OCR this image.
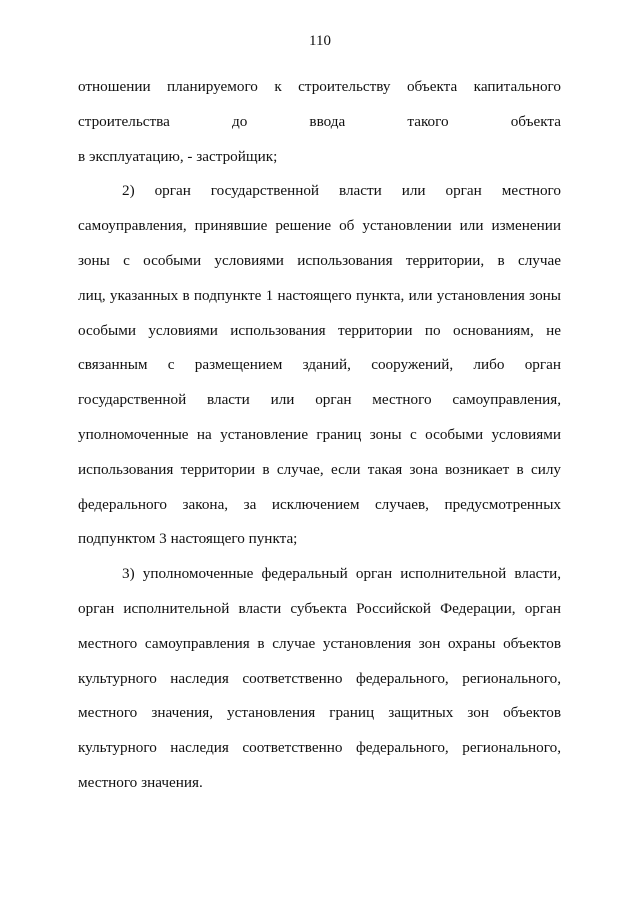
110
отношении планируемого к строительству объекта капитального
строительства до ввода такого объекта
в эксплуатацию, - застройщик;
2) орган государственной власти или орган местного
самоуправления, принявшие решение об установлении или изменении
зоны с особыми условиями использования территории, в случае
лиц, указанных в подпункте 1 настоящего пункта, или установления зоны
особыми условиями использования территории по основаниям, не
связанным с размещением зданий, сооружений, либо орган
государственной власти или орган местного самоуправления,
уполномоченные на установление границ зоны с особыми условиями
использования территории в случае, если такая зона возникает в силу
федерального закона, за исключением случаев, предусмотренных
подпунктом 3 настоящего пункта;
3) уполномоченные федеральный орган исполнительной власти,
орган исполнительной власти субъекта Российской Федерации, орган
местного самоуправления в случае установления зон охраны объектов
культурного наследия соответственно федерального, регионального,
местного значения, установления границ защитных зон объектов
культурного наследия соответственно федерального, регионального,
местного значения.
